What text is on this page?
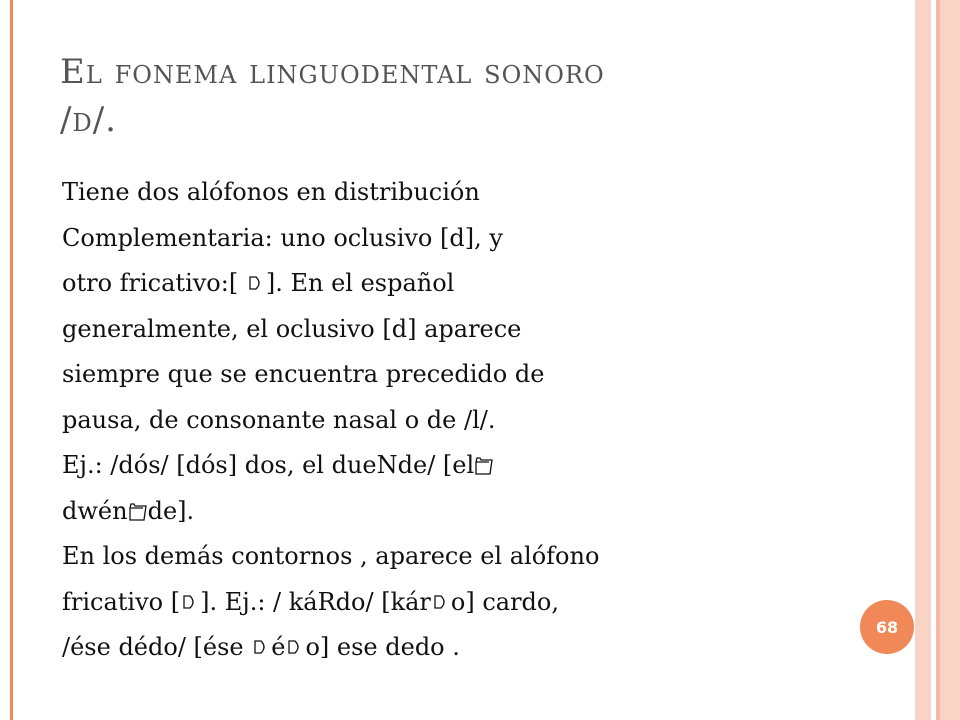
El fonema linguodental sonoro
/d/.
Tiene dos alófonos en distribución
Complementaria: uno oclusivo [d], y
otro fricativo:[ ]. En el español
generalmente, el oclusivo [d] aparece
siempre que se encuentra precedido de
pausa, de consonante nasal o de /l/.
Ej.: /dós/ [dós] dos, el dueNde/ [el
dwén de].
En los demás contornos , aparece el alófono
fricativo [ ]. Ej.: / káRdo/ [kár o] cardo,
/ése dédo/ [ése é o] ese dedo .
68
